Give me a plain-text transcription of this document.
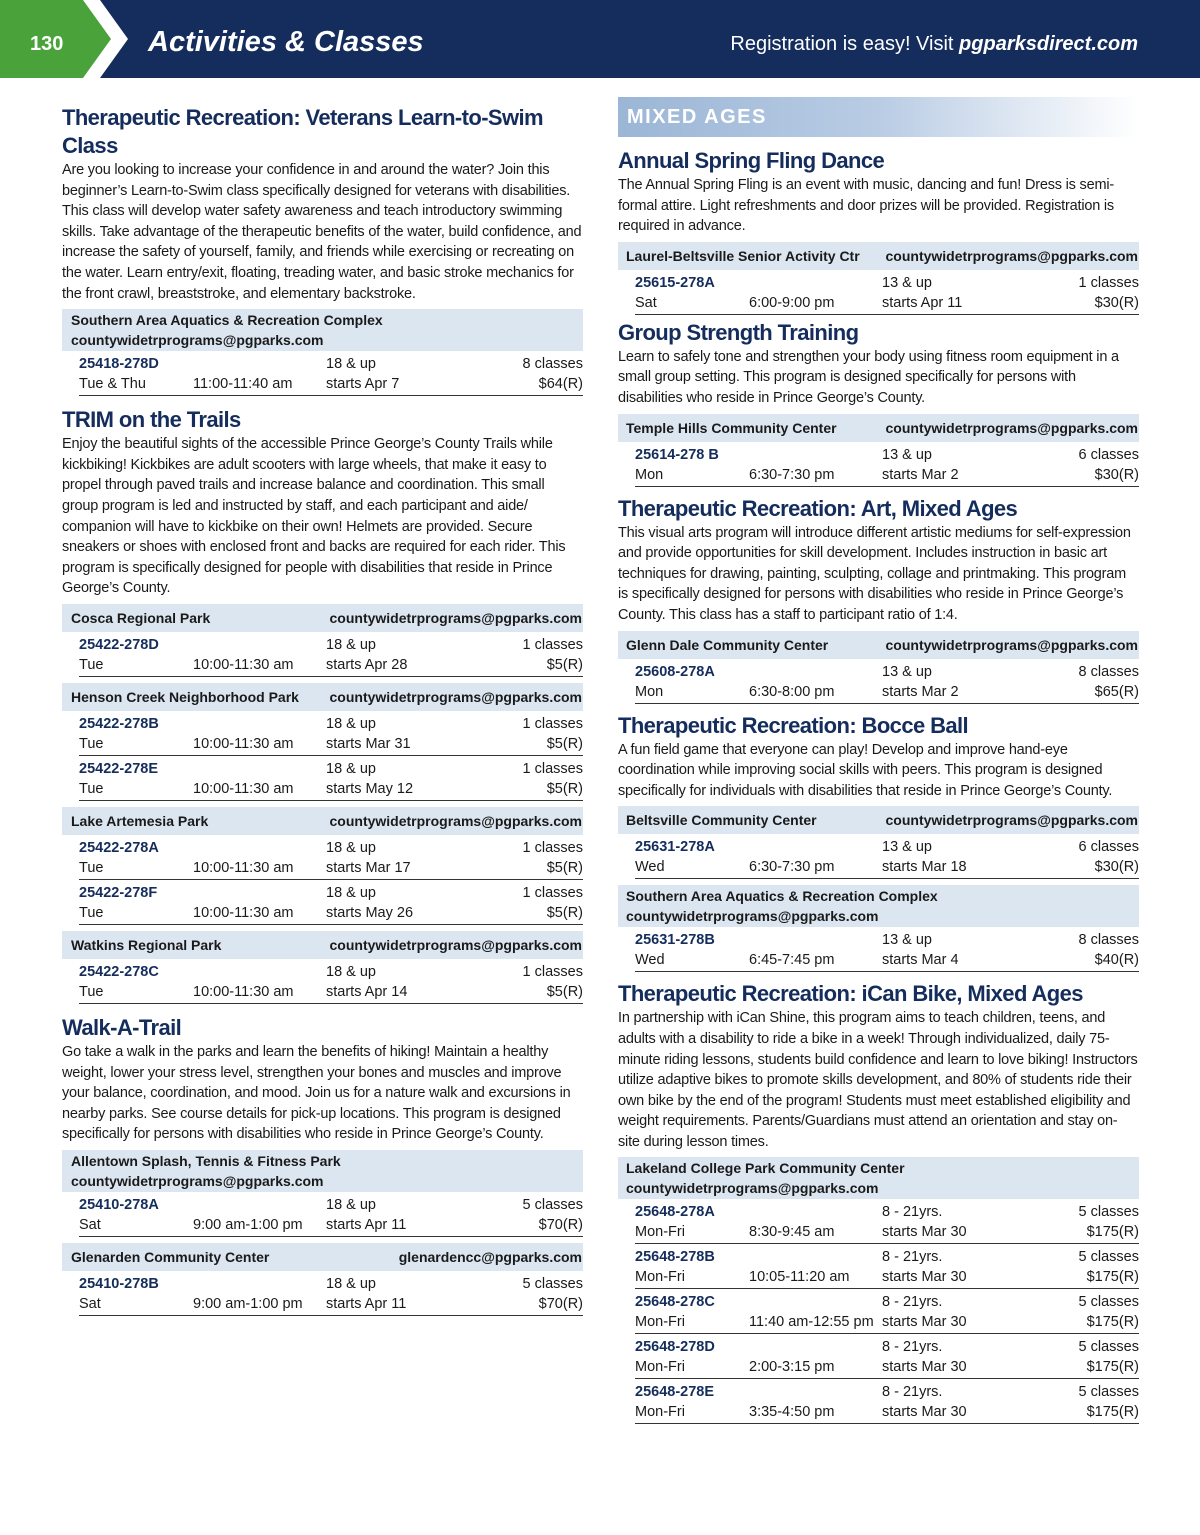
130	Activities & Classes	Registration is easy! Visit pgparksdirect.com
Therapeutic Recreation: Veterans Learn-to-Swim Class

Are you looking to increase your confidence in and around the water? Join this beginner’s Learn-to-Swim class specifically designed for veterans with disabilities. This class will develop water safety awareness and teach introductory swimming skills. Take advantage of the therapeutic benefits of the water, build confidence, and increase the safety of yourself, family, and friends while exercising or recreating on the water. Learn entry/exit, floating, treading water, and basic stroke mechanics for the front crawl, breaststroke, and elementary backstroke.

Southern Area Aquatics & Recreation Complex
countywidetrprograms@pgparks.com
25418-278D	18 & up	8 classes
Tue & Thu	11:00-11:40 am	starts Apr 7	$64(R)
TRIM on the Trails

Enjoy the beautiful sights of the accessible Prince George’s County Trails while kickbiking! Kickbikes are adult scooters with large wheels, that make it easy to propel through paved trails and increase balance and coordination. This small group program is led and instructed by staff, and each participant and aide/ companion will have to kickbike on their own! Helmets are provided. Secure sneakers or shoes with enclosed front and backs are required for each rider. This program is specifically designed for people with disabilities that reside in Prince George’s County.

Cosca Regional Park	countywidetrprograms@pgparks.com
25422-278D	18 & up	1 classes
Tue	10:00-11:30 am	starts Apr 28	$5(R)
Henson Creek Neighborhood Park countywidetrprograms@pgparks.com
25422-278B	18 & up	1 classes
Tue	10:00-11:30 am	starts Mar 31	$5(R)
25422-278E	18 & up	1 classes
Tue	10:00-11:30 am	starts May 12	$5(R)
Lake Artemesia Park	countywidetrprograms@pgparks.com
25422-278A	18 & up	1 classes
Tue	10:00-11:30 am	starts Mar 17	$5(R)
25422-278F	18 & up	1 classes
Tue	10:00-11:30 am	starts May 26	$5(R)
Watkins Regional Park	countywidetrprograms@pgparks.com
25422-278C	18 & up	1 classes
Tue	10:00-11:30 am	starts Apr 14	$5(R)
Walk-A-Trail

Go take a walk in the parks and learn the benefits of hiking! Maintain a healthy weight, lower your stress level, strengthen your bones and muscles and improve your balance, coordination, and mood. Join us for a nature walk and excursions in nearby parks. See course details for pick-up locations. This program is designed specifically for persons with disabilities who reside in Prince George’s County.

Allentown Splash, Tennis & Fitness Park
countywidetrprograms@pgparks.com
25410-278A	18 & up	5 classes
Sat	9:00 am-1:00 pm	starts Apr 11	$70(R)
Glenarden Community Center	glenardencc@pgparks.com
25410-278B	18 & up	5 classes
Sat	9:00 am-1:00 pm	starts Apr 11	$70(R)
MIXED AGES
Annual Spring Fling Dance

The Annual Spring Fling is an event with music, dancing and fun! Dress is semi-formal attire. Light refreshments and door prizes will be provided. Registration is required in advance.

Laurel-Beltsville Senior Activity Ctr countywidetrprograms@pgparks.com
25615-278A	13 & up	1 classes
Sat	6:00-9:00 pm	starts Apr 11	$30(R)
Group Strength Training

Learn to safely tone and strengthen your body using fitness room equipment in a small group setting. This program is designed specifically for persons with disabilities who reside in Prince George’s County.

Temple Hills Community Center	countywidetrprograms@pgparks.com
25614-278 B	13 & up	6 classes
Mon	6:30-7:30 pm	starts Mar 2	$30(R)
Therapeutic Recreation: Art, Mixed Ages

This visual arts program will introduce different artistic mediums for self-expression and provide opportunities for skill development. Includes instruction in basic art techniques for drawing, painting, sculpting, collage and printmaking. This program is specifically designed for persons with disabilities who reside in Prince George’s County. This class has a staff to participant ratio of 1:4.

Glenn Dale Community Center	countywidetrprograms@pgparks.com
25608-278A	13 & up	8 classes
Mon	6:30-8:00 pm	starts Mar 2	$65(R)
Therapeutic Recreation: Bocce Ball

A fun field game that everyone can play! Develop and improve hand-eye coordination while improving social skills with peers. This program is designed specifically for individuals with disabilities that reside in Prince George’s County.

Beltsville Community Center	countywidetrprograms@pgparks.com
25631-278A	13 & up	6 classes
Wed	6:30-7:30 pm	starts Mar 18	$30(R)
Southern Area Aquatics & Recreation Complex
countywidetrprograms@pgparks.com
25631-278B	13 & up	8 classes
Wed	6:45-7:45 pm	starts Mar 4	$40(R)
Therapeutic Recreation: iCan Bike, Mixed Ages

In partnership with iCan Shine, this program aims to teach children, teens, and adults with a disability to ride a bike in a week! Through individualized, daily 75-minute riding lessons, students build confidence and learn to love biking! Instructors utilize adaptive bikes to promote skills development, and 80% of students ride their own bike by the end of the program! Students must meet established eligibility and weight requirements. Parents/Guardians must attend an orientation and stay on-site during lesson times.

Lakeland College Park Community Center
countywidetrprograms@pgparks.com
25648-278A	8 - 21yrs.	5 classes
Mon-Fri	8:30-9:45 am	starts Mar 30	$175(R)
25648-278B	8 - 21yrs.	5 classes
Mon-Fri	10:05-11:20 am	starts Mar 30	$175(R)
25648-278C	8 - 21yrs.	5 classes
Mon-Fri	11:40 am-12:55 pm starts Mar 30	$175(R)
25648-278D	8 - 21yrs.	5 classes
Mon-Fri	2:00-3:15 pm	starts Mar 30	$175(R)
25648-278E	8 - 21yrs.	5 classes
Mon-Fri	3:35-4:50 pm	starts Mar 30	$175(R)
